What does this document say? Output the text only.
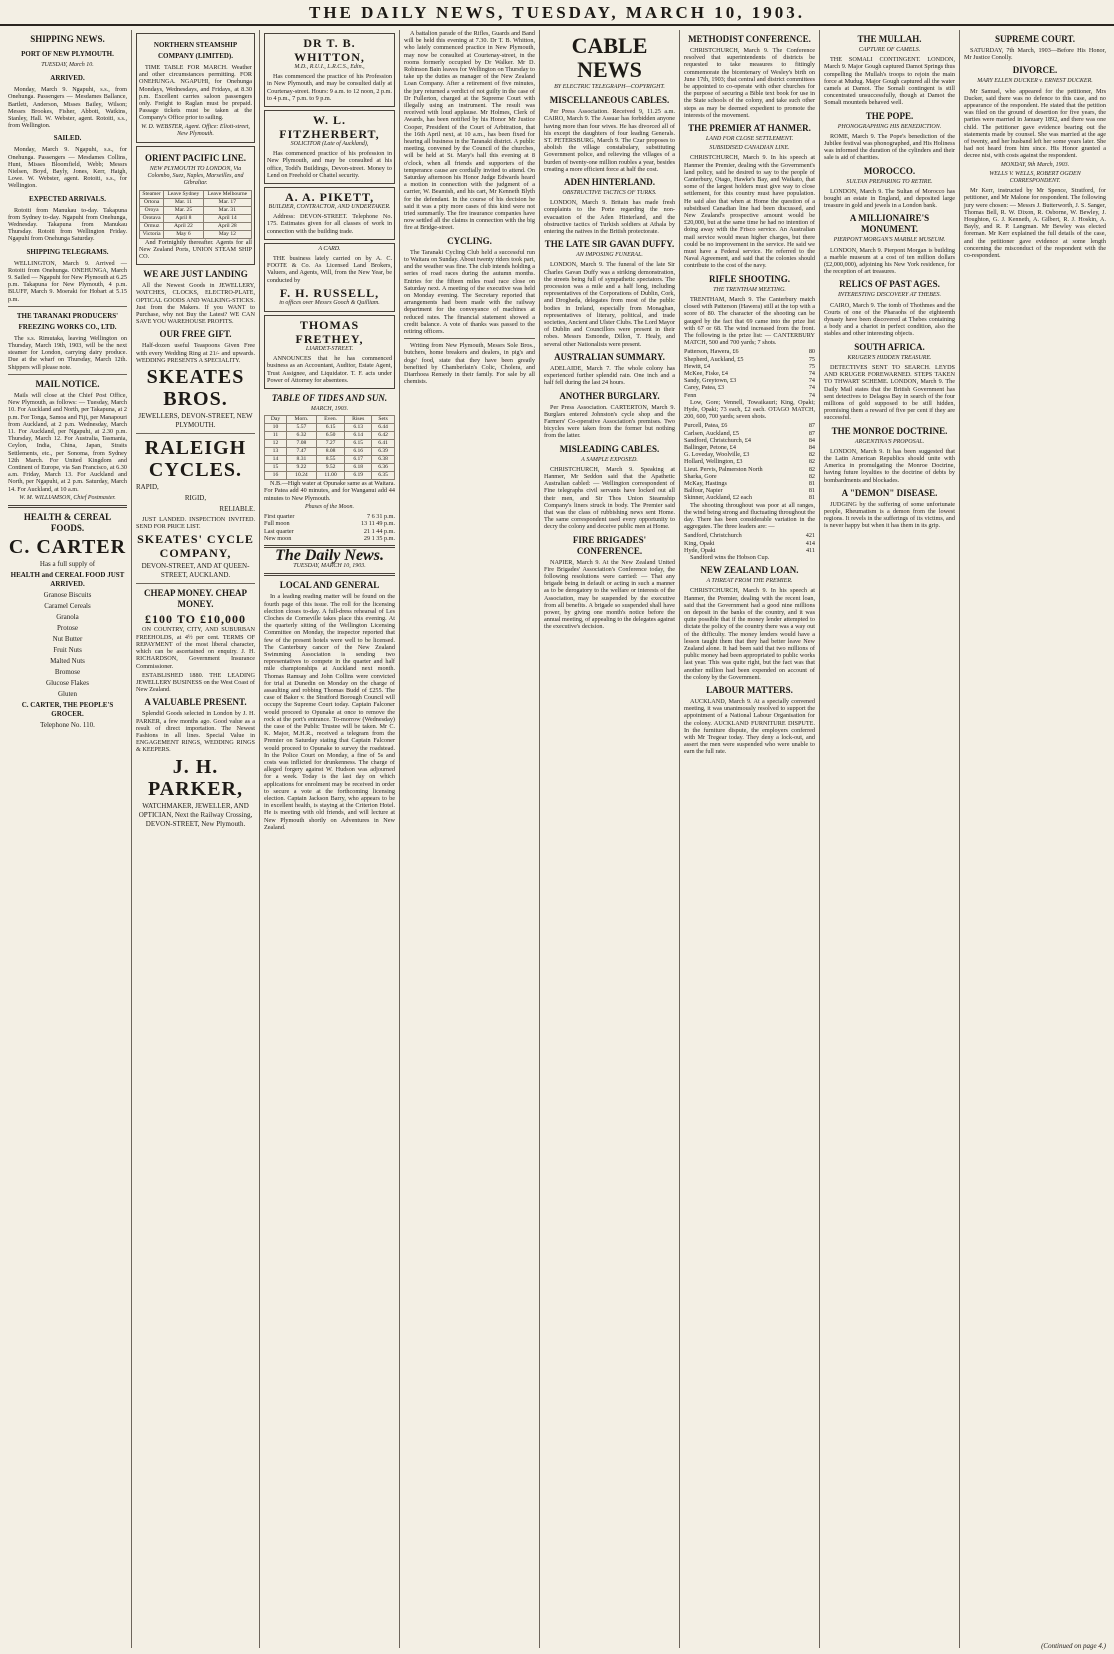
THE DAILY NEWS, TUESDAY, MARCH 10, 1903.
SHIPPING NEWS.
PORT OF NEW PLYMOUTH.
TUESDAY, March 10.
ARRIVED.

Monday, March 9. Ngapuhi, s.s., from Onehunga. Passengers — Mesdames Ballance, Bartlett, Anderson, Misses Bailey, Wilson; Messrs Brookes, Fisher, Abbott, Watkins, Stanley, Hall. W. Webster, agent. Rotoiti, s.s., from Wellington.

SAILED.

Monday, March 9. Ngapuhi, s.s., for Onehunga. Passengers — Mesdames Collins, Hunt, Misses Bloomfield, Webb; Messrs Nielsen, Boyd, Bayly, Jones, Kerr, Haigh, Lowe. W. Webster, agent. Rotoiti, s.s., for Wellington.

EXPECTED ARRIVALS.

Rotoiti from Manukau to-day. Takapuna from Sydney to-day. Ngapuhi from Onehunga, Wednesday. Takapuna from Manukau Thursday. Rotoiti from Wellington Friday. Ngapuhi from Onehunga Saturday.

SHIPPING TELEGRAMS.

WELLINGTON, March 9. Arrived — Rotoiti from Onehunga. ONEHUNGA, March 9. Sailed — Ngapuhi for New Plymouth at 6.25 p.m. Takapuna for New Plymouth, 4 p.m. BLUFF, March 9. Moeraki for Hobart at 5.15 p.m.

THE TARANAKI PRODUCERS' FREEZING WORKS CO., LTD.

The s.s. Rimutaka, leaving Wellington on Thursday, March 19th, 1903, will be the next steamer for London, carrying dairy produce. Due at the wharf on Thursday, March 12th. Shippers will please note.

MAIL NOTICE.

Mails will close at the Chief Post Office, New Plymouth, as follows: — Tuesday, March 10. For Auckland and North, per Takapuna, at 2 p.m. For Tonga, Samoa and Fiji, per Manapouri from Auckland, at 2 p.m. Wednesday, March 11. For Auckland, per Ngapuhi, at 2.30 p.m. Thursday, March 12. For Australia, Tasmania, Ceylon, India, China, Japan, Straits Settlements, etc., per Sonoma, from Sydney 12th March. For United Kingdom and Continent of Europe, via San Francisco, at 6.30 a.m. Friday, March 13. For Auckland and North, per Ngapuhi, at 2 p.m. Saturday, March 14. For Auckland, at 10 a.m.

W. M. WILLIAMSON, Chief Postmaster.
HEALTH & CEREAL FOODS.
C. CARTER
Has a full supply of
HEALTH and CEREAL FOOD JUST ARRIVED.
Granose Biscuits
Caramel Cereals
Granola
Protose
Nut Butter
Fruit Nuts
Malted Nuts
Bromose
Glucose Flakes
Gluten
C. CARTER, THE PEOPLE'S GROCER.
Telephone No. 110.
NORTHERN STEAMSHIP COMPANY (LIMITED).

TIME TABLE FOR MARCH. Weather and other circumstances permitting. FOR ONEHUNGA. NGAPUHI, for Onehunga Mondays, Wednesdays, and Fridays, at 8.30 p.m. Excellent carries saloon passengers only. Freight to Raglan must be prepaid. Passage tickets must be taken at the Company's Office prior to sailing.

W. D. WEBSTER, Agent. Office: Eliott-street, New Plymouth.
ORIENT PACIFIC LINE.
NEW PLYMOUTH TO LONDON, Via Colombo, Suez, Naples, Marseilles, and Gibraltar.
Steamer	Leave Sydney	Leave Melbourne
Ortona	Mar. 11	Mar. 17
Oroya	Mar. 25	Mar. 31
Orotava	April 8	April 14
Ormuz	April 22	April 28
Victoria	May 6	May 12

And Fortnightly thereafter. Agents for all New Zealand Ports, UNION STEAM SHIP CO.

WE ARE JUST LANDING

All the Newest Goods in JEWELLERY, WATCHES, CLOCKS, ELECTRO-PLATE, OPTICAL GOODS AND WALKING-STICKS. Just from the Makers. If you WANT to Purchase, why not Buy the Latest? WE CAN SAVE YOU WAREHOUSE PROFITS.

OUR FREE GIFT.

Half-dozen useful Teaspoons Given Free with every Wedding Ring at 21/- and upwards. WEDDING PRESENTS A SPECIALITY.

SKEATES BROS.
JEWELLERS, DEVON-STREET, NEW PLYMOUTH.
RALEIGH CYCLES.
RAPID,
RIGID,
RELIABLE.

JUST LANDED. INSPECTION INVITED. SEND FOR PRICE LIST.

SKEATES' CYCLE COMPANY,
DEVON-STREET, AND AT QUEEN-STREET, AUCKLAND.
CHEAP MONEY. CHEAP MONEY.
£100 TO £10,000

ON COUNTRY, CITY, AND SUBURBAN FREEHOLDS, at 4½ per cent. TERMS OF REPAYMENT of the most liberal character, which can be ascertained on enquiry. J. H. RICHARDSON, Government Insurance Commissioner.

ESTABLISHED 1880. THE LEADING JEWELLERY BUSINESS on the West Coast of New Zealand.

A VALUABLE PRESENT.

Splendid Goods selected in London by J. H. PARKER, a few months ago. Good value as a result of direct importation. The Newest Fashions in all lines. Special Value in ENGAGEMENT RINGS, WEDDING RINGS & KEEPERS.

J. H. PARKER,
WATCHMAKER, JEWELLER, AND OPTICIAN, Next the Railway Crossing, DEVON-STREET, New Plymouth.
DR T. B. WHITTON,
M.D., R.U.I., L.R.C.S., Edin.,

Has commenced the practice of his Profession in New Plymouth, and may be consulted daily at Courtenay-street. Hours: 9 a.m. to 12 noon, 2 p.m. to 4 p.m., 7 p.m. to 9 p.m.

W. L. FITZHERBERT,
SOLICITOR (Late of Auckland),

Has commenced practice of his profession in New Plymouth, and may be consulted at his office, Todd's Buildings, Devon-street. Money to Lend on Freehold or Chattel security.

A. A. PIKETT,
BUILDER, CONTRACTOR, AND UNDERTAKER.

Address: DEVON-STREET. Telephone No. 175. Estimates given for all classes of work in connection with the building trade.

A CARD.

THE business lately carried on by A. C. FOOTE & Co. As Licensed Land Brokers, Valuers, and Agents, Will, from the New Year, be conducted by

F. H. RUSSELL,
in offices over Messrs Gooch & Quilliam.
THOMAS FRETHEY,
LIARDET-STREET.

ANNOUNCES that he has commenced business as an Accountant, Auditor, Estate Agent, Trust Assignee, and Liquidator. T. F. acts under Power of Attorney for absentees.

TABLE OF TIDES AND SUN.
MARCH, 1903.
Day	Morn.	Even.	Rises	Sets
10	5.57	6.15	6.13	6.44
11	6.32	6.50	6.14	6.42
12	7.08	7.27	6.15	6.41
13	7.47	8.08	6.16	6.39
14	8.31	8.55	6.17	6.38
15	9.22	9.52	6.18	6.36
16	10.24	11.00	6.19	6.35

N.B.—High water at Opunake same as at Waitara. For Patea add 40 minutes, and for Wanganui add 44 minutes to New Plymouth.

Phases of the Moon.
First quarter	7 6 31 p.m.
Full moon	13 11 49 p.m.
Last quarter	21 1 44 p.m.
New moon	29 1 35 p.m.
The Daily News.
TUESDAY, MARCH 10, 1903.
LOCAL AND GENERAL

In a leading reading matter will be found on the fourth page of this issue. The roll for the licensing election closes to-day. A full-dress rehearsal of Les Cloches de Corneville takes place this evening. At the quarterly sitting of the Wellington Licensing Committee on Monday, the inspector reported that few of the present hotels were well to be licensed. The Canterbury cancer of the New Zealand Swimming Association is sending two representatives to compete in the quarter and half mile championships at Auckland next month. Thomas Ramsay and John Collins were convicted for trial at Dunedin on Monday on the charge of assaulting and robbing Thomas Budd of £255. The case of Baker v. the Stratford Borough Council will occupy the Supreme Court today. Captain Falconer would proceed to Opunake at once to remove the rock at the port's entrance. To-morrow (Wednesday) the case of the Public Trustee will be taken. Mr C. K. Major, M.H.R., received a telegram from the Premier on Saturday stating that Captain Falconer would proceed to Opunake to survey the roadstead. In the Police Court on Monday, a fine of 5s and costs was inflicted for drunkenness. The charge of alleged forgery against W. Hudson was adjourned for a week. Today is the last day on which applications for enrolment may be received in order to secure a vote at the forthcoming licensing election. Captain Jackson Barry, who appears to be in excellent health, is staying at the Criterion Hotel. He is meeting with old friends, and will lecture at New Plymouth shortly on Adventures in New Zealand.

A battalion parade of the Rifles, Guards and Band will be held this evening at 7.30. Dr T. B. Whitton, who lately commenced practice in New Plymouth, may now be consulted at Courtenay-street, in the rooms formerly occupied by Dr Walker. Mr D. Robinson Bain leaves for Wellington on Thursday to take up the duties as manager of the New Zealand Loan Company. After a retirement of five minutes, the jury returned a verdict of not guilty in the case of Dr Fullerton, charged at the Supreme Court with illegally using an instrument. The result was received with loud applause. Mr Holmes, Clerk of Awards, has been notified by his Honor Mr Justice Cooper, President of the Court of Arbitration, that the 16th April next, at 10 a.m., has been fixed for hearing all business in the Taranaki district. A public meeting, convened by the Council of the churches, will be held at St. Mary's hall this evening at 8 o'clock, when all friends and supporters of the temperance cause are cordially invited to attend. On Saturday afternoon his Honor Judge Edwards heard a motion in connection with the judgment of a carrier, W. Beamish, and his cart, Mr Kenneth Blyth for the defendant. In the course of his decision he said it was a pity more cases of this kind were not tried summarily. The fire insurance companies have now settled all the claims in connection with the big fire at Bridge-street.

CYCLING.

The Taranaki Cycling Club held a successful run to Waitara on Sunday. About twenty riders took part, and the weather was fine. The club intends holding a series of road races during the autumn months. Entries for the fifteen miles road race close on Saturday next. A meeting of the executive was held on Monday evening. The Secretary reported that arrangements had been made with the railway department for the conveyance of machines at reduced rates. The financial statement showed a credit balance. A vote of thanks was passed to the retiring officers.

Writing from New Plymouth, Messrs Sole Bros., butchers, home breakers and dealers, in pig's and dogs' food, state that they have been greatly benefited by Chamberlain's Colic, Cholera, and Diarrhoea Remedy in their family. For sale by all chemists.

CABLE NEWS
BY ELECTRIC TELEGRAPH—COPYRIGHT.
MISCELLANEOUS CABLES.

Per Press Association. Received 9, 11.25 a.m. CAIRO, March 9. The Assuar has forbidden anyone having more than four wives. He has divorced all of his except the daughters of four leading Generals. ST. PETERSBURG, March 9. The Czar proposes to abolish the village constabulary, substituting Government police, and relieving the villages of a burden of twenty-one million roubles a year, besides creating a more efficient force at half the cost.

ADEN HINTERLAND.
OBSTRUCTIVE TACTICS OF TURKS.

LONDON, March 9. Britain has made fresh complaints to the Porte regarding the non-evacuation of the Aden Hinterland, and the obstructive tactics of Turkish soldiers at Athala by entering the natives in the British protectorate.

THE LATE SIR GAVAN DUFFY.
AN IMPOSING FUNERAL.

LONDON, March 9. The funeral of the late Sir Charles Gavan Duffy was a striking demonstration, the streets being full of sympathetic spectators. The procession was a mile and a half long, including representatives of the Corporations of Dublin, Cork, and Drogheda, delegates from most of the public bodies in Ireland, especially from Monaghan, representatives of literary, political, and trade societies, Ancient and Ulster Clubs. The Lord Mayor of Dublin and Councillors were present in their robes. Messrs Esmonde, Dillon, T. Healy, and several other Nationalists were present.

AUSTRALIAN SUMMARY.

ADELAIDE, March 7. The whole colony has experienced further splendid rain. One inch and a half fell during the last 24 hours.

ANOTHER BURGLARY.

Per Press Association. CARTERTON, March 9. Burglars entered Johnston's cycle shop and the Farmers' Co-operative Association's premises. Two bicycles were taken from the former but nothing from the latter.

MISLEADING CABLES.
A SAMPLE EXPOSED.

CHRISTCHURCH, March 9. Speaking at Hanmer, Mr Seddon said that the Apathetic Australian cabled: — Wellington correspondent of Fine telegraphs civil servants have locked out all their men, and Sir Thos Union Steamship Company's liners struck in body. The Premier said that was the class of rubbishing news sent Home. The same correspondent used every opportunity to decry the colony and deceive public men at Home.

FIRE BRIGADES' CONFERENCE.

NAPIER, March 9. At the New Zealand United Fire Brigades' Association's Conference today, the following resolutions were carried: — That any brigade being in default or acting in such a manner as to be derogatory to the welfare or interests of the Association, may be suspended by the executive from all benefits. A brigade so suspended shall have power, by giving one month's notice before the annual meeting, of appealing to the delegates against the executive's decision.

METHODIST CONFERENCE.

CHRISTCHURCH, March 9. The Conference resolved that superintendents of districts be requested to take measures to fittingly commemorate the bicentenary of Wesley's birth on June 17th, 1903; that central and district committees be appointed to co-operate with other churches for the purpose of securing a Bible text book for use in the State schools of the colony, and take such other steps as may be deemed expedient to promote the interests of the movement.

THE PREMIER AT HANMER.
LAND FOR CLOSE SETTLEMENT.
SUBSIDISED CANADIAN LINE.

CHRISTCHURCH, March 9. In his speech at Hanmer the Premier, dealing with the Government's land policy, said he desired to say to the people of Canterbury, Otago, Hawke's Bay, and Waikato, that some of the largest holders must give way to close settlement, for this country must have population. He said also that when at Home the question of a subsidised Canadian line had been discussed, and New Zealand's prospective amount would be £20,000, but at the same time he had no intention of doing away with the Frisco service. An Australian mail service would mean higher charges, but there could be no improvement in the service. He said we must have a Federal service. He referred to the Naval Agreement, and said that the colonies should contribute to the cost of the navy.

RIFLE SHOOTING.
THE TRENTHAM MEETING.

TRENTHAM, March 9. The Canterbury match closed with Patterson (Hawera) still at the top with a score of 80. The character of the shooting can be gauged by the fact that 69 came into the prize list with 67 or 68. The wind increased from the front. The following is the prize list: — CANTERBURY MATCH, 500 and 700 yards; 7 shots.

Patterson, Hawera, £6	80
Shepherd, Auckland, £5	75
Hewitt, £4	75
McKee, Fiske, £4	74
Sandy, Greytown, £3	74
Carey, Patea, £3	74
Fenn	74

Low, Gore; Vennell, Towaikauri; King, Opaki; Hyde, Opaki; 73 each, £2 each. OTAGO MATCH, 200, 600, 700 yards; seven shots.

Purcell, Patea, £6	87
Carlsen, Auckland, £5	87
Sandford, Christchurch, £4	84
Ballinger, Petone, £4	84
G. Loveday, Woolville, £3	82
Hollard, Wellington, £3	82
Lieut. Pervis, Palmerston North	82
Sharka, Gore	82
McKay, Hastings	81
Balfour, Napier	81
Skinner, Auckland, £2 each	81

The shooting throughout was poor at all ranges, the wind being strong and fluctuating throughout the day. There has been considerable variation in the aggregates. The three leaders are: —

Sandford, Christchurch	421
King, Opaki	414
Hyde, Opaki	411

Sandford wins the Hobson Cup.

NEW ZEALAND LOAN.
A THREAT FROM THE PREMIER.

CHRISTCHURCH, March 9. In his speech at Hanmer, the Premier, dealing with the recent loan, said that the Government had a good nine millions on deposit in the banks of the country, and it was quite possible that if the money lender attempted to dictate the policy of the country there was a way out of the difficulty. The money lenders would have a lesson taught them that they had better leave New Zealand alone. It had been said that two millions of public money had been appropriated to public works last year. This was quite right, but the fact was that another million had been expended on account of the colony by the Government.

LABOUR MATTERS.

AUCKLAND, March 9. At a specially convened meeting, it was unanimously resolved to support the appointment of a National Labour Organisation for the colony. AUCKLAND FURNITURE DISPUTE. In the furniture dispute, the employers conferred with Mr Tregear today. They deny a lock-out, and assert the men were suspended who were unable to earn the full rate.

THE MULLAH.
CAPTURE OF CAMELS.

THE SOMALI CONTINGENT. LONDON, March 9. Major Gough captured Damot Springs thus compelling the Mullah's troops to rejoin the main force at Mudug. Major Gough captured all the water camels at Damot. The Somali contingent is still concentrated unsuccessfully, though at Damot the Somali mounteds behaved well.

THE POPE.
PHONOGRAPHING HIS BENEDICTION.

ROME, March 9. The Pope's benediction of the Jubilee festival was phonographed, and His Holiness was informed the duration of the cylinders and their sale is aid of charities.

MOROCCO.
SULTAN PREPARING TO RETIRE.

LONDON, March 9. The Sultan of Morocco has bought an estate in England, and deposited large treasure in gold and jewels in a London bank.

A MILLIONAIRE'S MONUMENT.
PIERPONT MORGAN'S MARBLE MUSEUM.

LONDON, March 9. Pierpont Morgan is building a marble museum at a cost of ten million dollars (£2,000,000), adjoining his New York residence, for the reception of art treasures.

RELICS OF PAST AGES.
INTERESTING DISCOVERY AT THEBES.

CAIRO, March 9. The tomb of Thothmes and the Courts of one of the Pharaohs of the eighteenth dynasty have been discovered at Thebes containing a body and a chariot in perfect condition, also the stables and other interesting objects.

SOUTH AFRICA.
KRUGER'S HIDDEN TREASURE.

DETECTIVES SENT TO SEARCH. LEYDS AND KRUGER FOREWARNED. STEPS TAKEN TO THWART SCHEME. LONDON, March 9. The Daily Mail states that the British Government has sent detectives to Delagoa Bay in search of the four millions of gold supposed to be still hidden, promising them a reward of five per cent if they are successful.

THE MONROE DOCTRINE.
ARGENTINA'S PROPOSAL.

LONDON, March 9. It has been suggested that the Latin American Republics should unite with America in promulgating the Monroe Doctrine, having future loyalties to the doctrine of debts by bombardments and blockades.

A "DEMON" DISEASE.

JUDGING by the suffering of some unfortunate people, Rheumatism is a demon from the lowest regions. It revels in the sufferings of its victims, and is never happy but when it has them in its grip.

SUPREME COURT.

SATURDAY, 7th March, 1903—Before His Honor, Mr Justice Conolly.

DIVORCE.
MARY ELLEN DUCKER v. ERNEST DUCKER.

Mr Samuel, who appeared for the petitioner, Mrs Ducker, said there was no defence to this case, and no appearance of the respondent. He stated that the petition was filed on the ground of desertion for five years, the parties were married in January 1892, and there was one child. The petitioner gave evidence bearing out the statements made by counsel. She was married at the age of twenty, and her husband left her some years later. She had not heard from him since. His Honor granted a decree nisi, with costs against the respondent.

MONDAY, 9th March, 1903.
WELLS V. WELLS, ROBERT OGDEN CORRESPONDENT.

Mr Kerr, instructed by Mr Spence, Stratford, for petitioner, and Mr Malone for respondent. The following jury were chosen: — Messrs J. Butterworth, J. S. Sanger, Thomas Bell, R. W. Dixon, R. Osborne, W. Bewley, J. Houghton, G. J. Kenneth, A. Gilbert, R. J. Hoskin, A. Bayly, and R. P. Langman. Mr Bewley was elected foreman. Mr Kerr explained the full details of the case, and the petitioner gave evidence at some length concerning the misconduct of the respondent with the co-respondent.

(Continued on page 4.)
